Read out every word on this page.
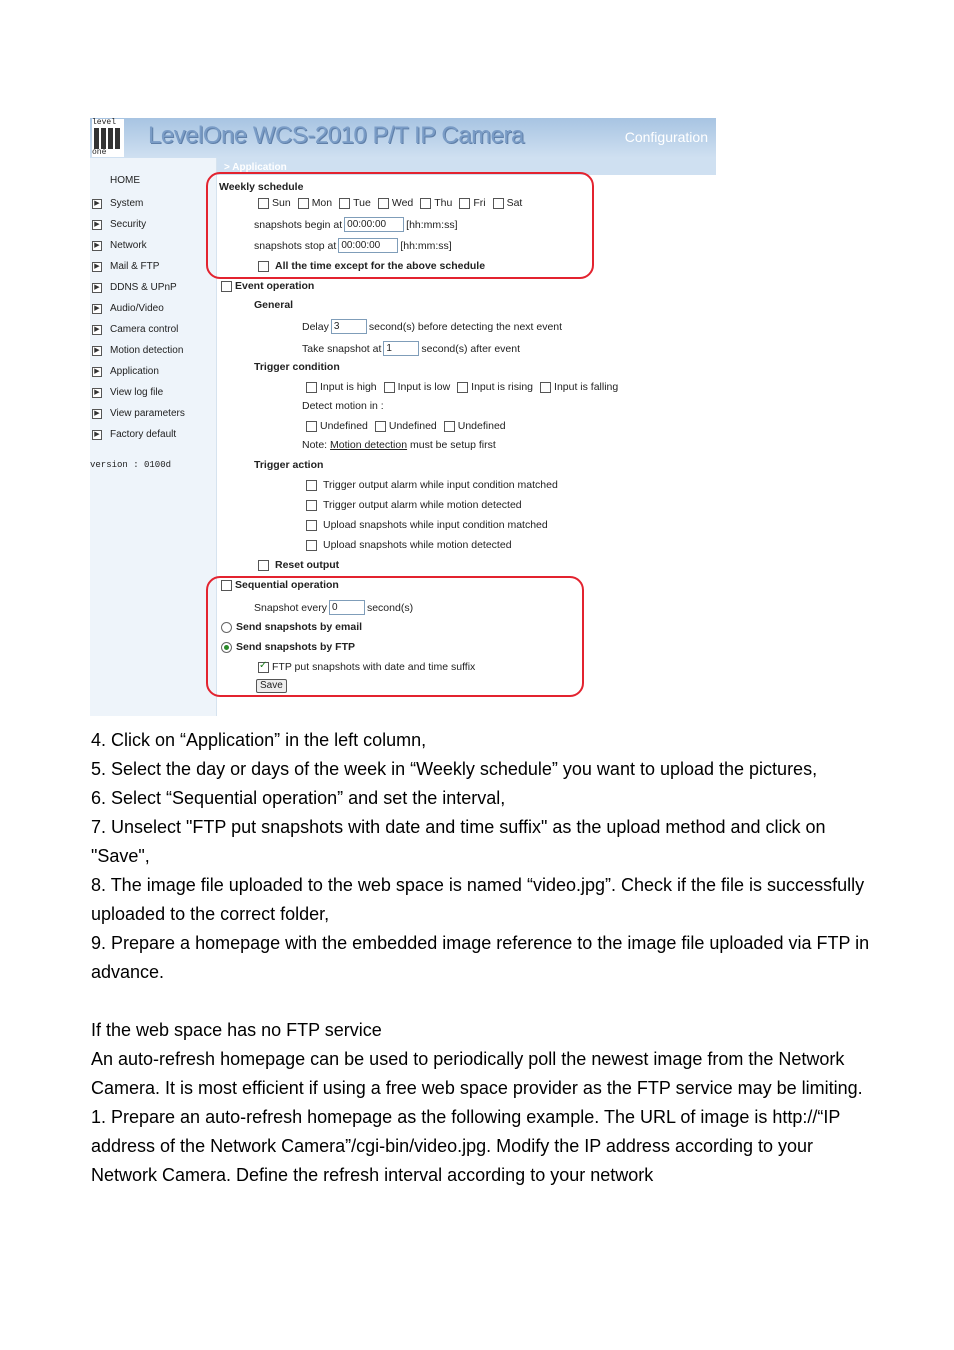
level
one
LevelOne WCS-2010 P/T IP Camera	Configuration
> Application
HOME
▶ System
▶ Security
▶ Network
▶ Mail & FTP
▶ DDNS & UPnP
▶ Audio/Video
▶ Camera control
▶ Motion detection
▶ Application
▶ View log file
▶ View parameters
▶ Factory default
version : 0100d
Weekly schedule
Sun Mon Tue Wed Thu Fri Sat
snapshots begin at 00:00:00	[hh:mm:ss]
snapshots stop at 00:00:00	[hh:mm:ss]
All the time except for the above schedule
Event operation
General
Delay 3	second(s) before detecting the next event
Take snapshot at 1	second(s) after event
Trigger condition
Input is high Input is low Input is rising Input is falling
Detect motion in :
Undefined Undefined Undefined
Note: Motion detection must be setup first
Trigger action
Trigger output alarm while input condition matched
Trigger output alarm while motion detected
Upload snapshots while input condition matched
Upload snapshots while motion detected
Reset output
Sequential operation
Snapshot every 0	second(s)
Send snapshots by email
Send snapshots by FTP
✓
FTP put snapshots with date and time suffix
Save

4. Click on “Application” in the left column,

5. Select the day or days of the week in “Weekly schedule” you want to upload the pictures,

6. Select “Sequential operation” and set the interval,

7. Unselect "FTP put snapshots with date and time suffix" as the upload method and click on "Save",

8. The image file uploaded to the web space is named “video.jpg”. Check if the file is successfully uploaded to the correct folder,

9. Prepare a homepage with the embedded image reference to the image file uploaded via FTP in advance.

If the web space has no FTP service

An auto-refresh homepage can be used to periodically poll the newest image from the Network Camera. It is most efficient if using a free web space provider as the FTP service may be limiting.

1. Prepare an auto-refresh homepage as the following example. The URL of image is http://“IP address of the Network Camera”/cgi-bin/video.jpg. Modify the IP address according to your Network Camera. Define the refresh interval according to your network
